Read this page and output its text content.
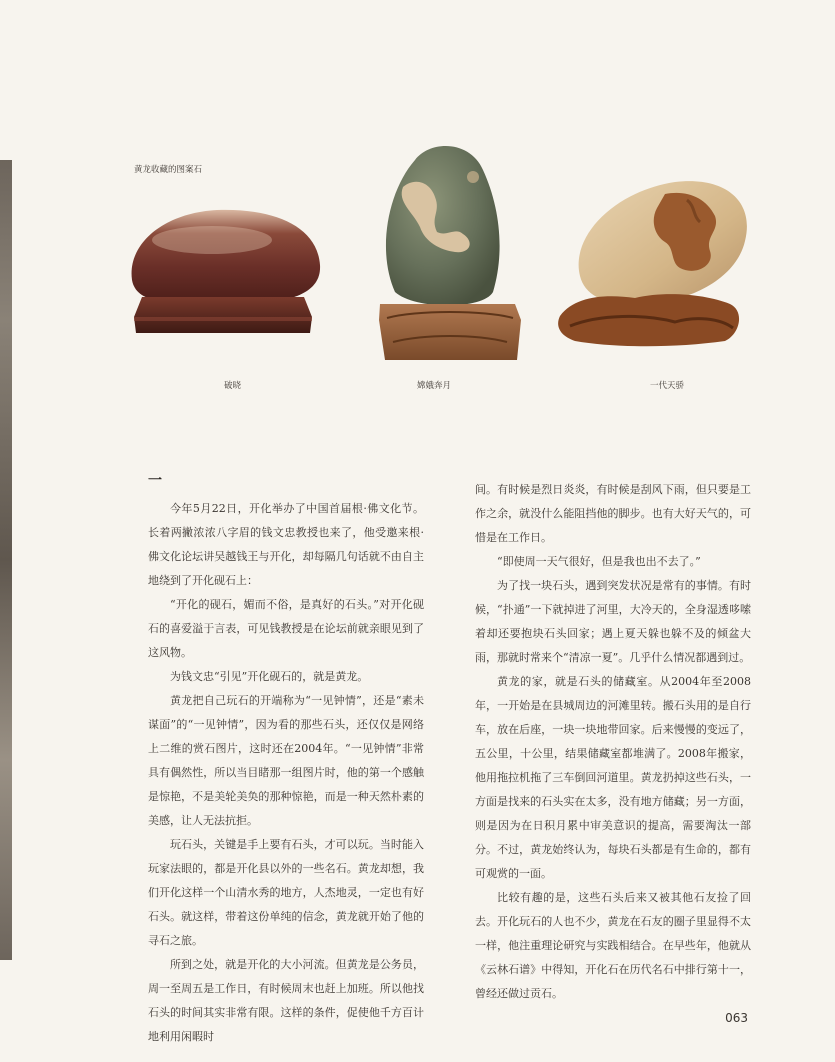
黄龙收藏的图案石
破晓	嫦娥奔月	一代天骄
一

今年5月22日，开化举办了中国首届根·佛文化节。长着两撇浓浓八字眉的钱文忠教授也来了，他受邀来根·佛文化论坛讲吴越钱王与开化，却每隔几句话就不由自主地绕到了开化砚石上：

“开化的砚石，媚而不俗，是真好的石头。”对开化砚石的喜爱溢于言表，可见钱教授是在论坛前就亲眼见到了这风物。

为钱文忠“引见”开化砚石的，就是黄龙。

黄龙把自己玩石的开端称为“一见钟情”，还是“素未谋面”的“一见钟情”，因为看的那些石头，还仅仅是网络上二维的赏石图片，这时还在2004年。“一见钟情”非常具有偶然性，所以当目睹那一组图片时，他的第一个感触是惊艳，不是美轮美奂的那种惊艳，而是一种天然朴素的美感，让人无法抗拒。

玩石头，关键是手上要有石头，才可以玩。当时能入玩家法眼的，都是开化县以外的一些名石。黄龙却想，我们开化这样一个山清水秀的地方，人杰地灵，一定也有好石头。就这样，带着这份单纯的信念，黄龙就开始了他的寻石之旅。

所到之处，就是开化的大小河流。但黄龙是公务员，周一至周五是工作日，有时候周末也赶上加班。所以他找石头的时间其实非常有限。这样的条件，促使他千方百计地利用闲暇时

间。有时候是烈日炎炎，有时候是刮风下雨，但只要是工作之余，就没什么能阻挡他的脚步。也有大好天气的，可惜是在工作日。

“即使周一天气很好，但是我也出不去了。”

为了找一块石头，遇到突发状况是常有的事情。有时候，“扑通”一下就掉进了河里，大冷天的，全身湿透哆嗦着却还要抱块石头回家；遇上夏天躲也躲不及的倾盆大雨，那就时常来个“清凉一夏”。几乎什么情况都遇到过。

黄龙的家，就是石头的储藏室。从2004年至2008年，一开始是在县城周边的河滩里转。搬石头用的是自行车，放在后座，一块一块地带回家。后来慢慢的变远了，五公里，十公里，结果储藏室都堆满了。2008年搬家，他用拖拉机拖了三车倒回河道里。黄龙扔掉这些石头，一方面是找来的石头实在太多，没有地方储藏；另一方面，则是因为在日积月累中审美意识的提高，需要淘汰一部分。不过，黄龙始终认为，每块石头都是有生命的，都有可观赏的一面。

比较有趣的是，这些石头后来又被其他石友捡了回去。开化玩石的人也不少，黄龙在石友的圈子里显得不太一样，他注重理论研究与实践相结合。在早些年，他就从《云林石谱》中得知，开化石在历代名石中排行第十一，曾经还做过贡石。

063
